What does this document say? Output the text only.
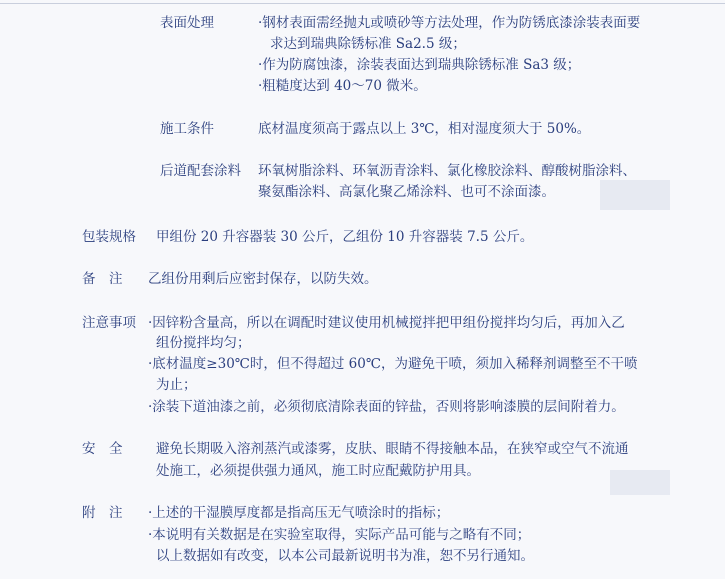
表面处理	·钢材表面需经抛丸或喷砂等方法处理，作为防锈底漆涂装表面要
求达到瑞典除锈标准 Sa2.5 级；
·作为防腐蚀漆，涂装表面达到瑞典除锈标准 Sa3 级；
·粗糙度达到 40～70 微米。
施工条件	底材温度须高于露点以上 3℃，相对湿度须大于 50%。
后道配套涂料 环氧树脂涂料、环氧沥青涂料、氯化橡胶涂料、醇酸树脂涂料、
聚氨酯涂料、高氯化聚乙烯涂料、也可不涂面漆。
包装规格 甲组份 20 升容器装 30 公斤，乙组份 10 升容器装 7.5 公斤。
备　注 乙组份用剩后应密封保存，以防失效。
注意事项 ·因锌粉含量高，所以在调配时建议使用机械搅拌把甲组份搅拌均匀后，再加入乙
组份搅拌均匀；
·底材温度≥30℃时，但不得超过 60℃，为避免干喷，须加入稀释剂调整至不干喷
为止；
·涂装下道油漆之前，必须彻底清除表面的锌盐，否则将影响漆膜的层间附着力。
安　全 避免长期吸入溶剂蒸汽或漆雾，皮肤、眼睛不得接触本品，在狭窄或空气不流通
处施工，必须提供强力通风，施工时应配戴防护用具。
附　注 ·上述的干湿膜厚度都是指高压无气喷涂时的指标；
·本说明有关数据是在实验室取得，实际产品可能与之略有不同；
以上数据如有改变，以本公司最新说明书为准，恕不另行通知。
